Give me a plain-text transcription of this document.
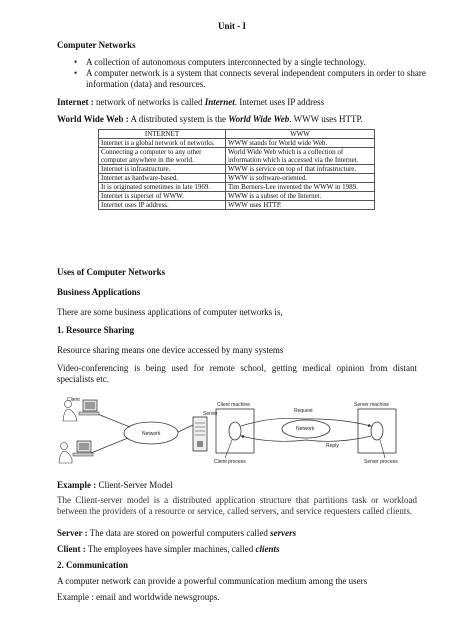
Unit - I
Computer Networks
• A collection of autonomous computers interconnected by a single technology.
• A computer network is a system that connects several independent computers in order to share information (data) and resources.
Internet : network of networks is called Internet. Internet uses IP address
World Wide Web : A distributed system is the World Wide Web. WWW uses HTTP.
INTERNET	WWW
Internet is a global network of networks.	WWW stands for World wide Web.
Connecting a computer to any other computer anywhere in the world.	World Wide Web which is a collection of information which is accessed via the Internet.
Internet is infrastructure.	WWW is service on top of that infrastructure.
Internet as hardware-based.	WWW is software-oriented.
It is originated sometimes in late 1969.	Tim Berners-Lee invented the WWW in 1989.
Internet is superset of WWW.	WWW is a subset of the Internet.
Internet uses IP address.	WWW uses HTTP.
Uses of Computer Networks
Business Applications
There are some business applications of computer networks is,
1. Resource Sharing
Resource sharing means one device accessed by many systems
Video-conferencing is being used for remote school, getting medical opinion from distant specialists etc.
Client
Server
Network
Client machine	Server machine
Request
Network
Reply
Client process	Server process
Example : Client-Server Model
The Client-server model is a distributed application structure that partitions task or workload between the providers of a resource or service, called servers, and service requesters called clients.
Server : The data are stored on powerful computers called servers
Client : The employees have simpler machines, called clients
2. Communication
A computer network can provide a powerful communication medium among the users
Example : email and worldwide newsgroups.
